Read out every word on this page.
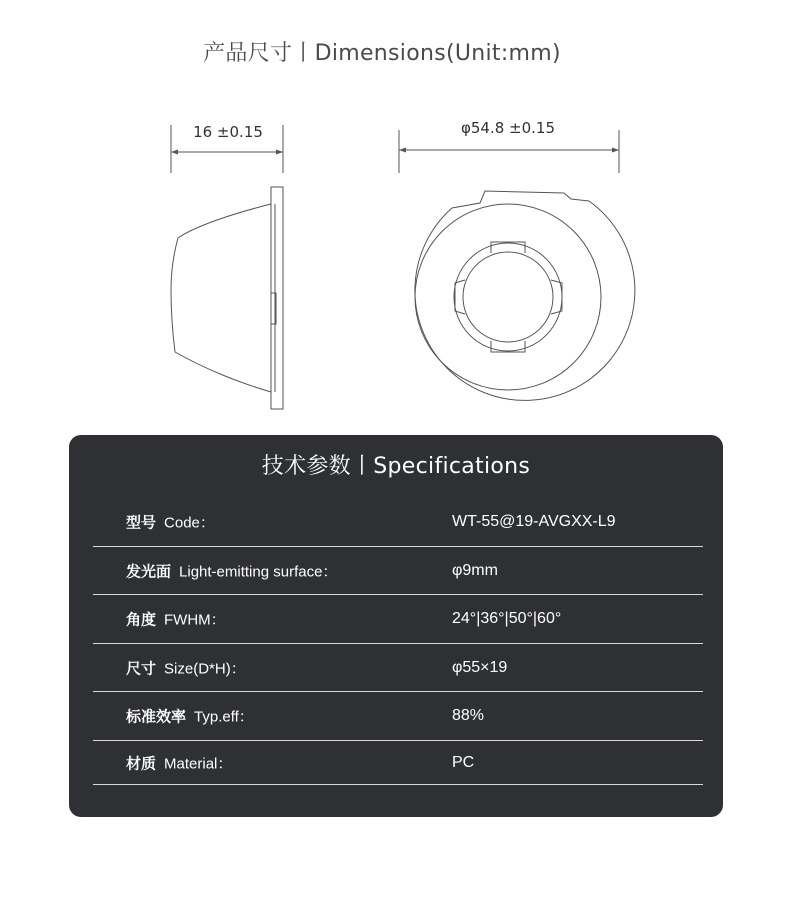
产品尺寸丨Dimensions(Unit:mm)
16 ±0.15	φ54.8 ±0.15
技术参数丨Specifications
型号 Code：	WT-55@19-AVGXX-L9
发光面 Light-emitting surface：	φ9mm
角度 FWHM：	24°|36°|50°|60°
尺寸 Size(D*H)：	φ55×19
标准效率 Typ.eff：	88%
材质 Material：	PC
